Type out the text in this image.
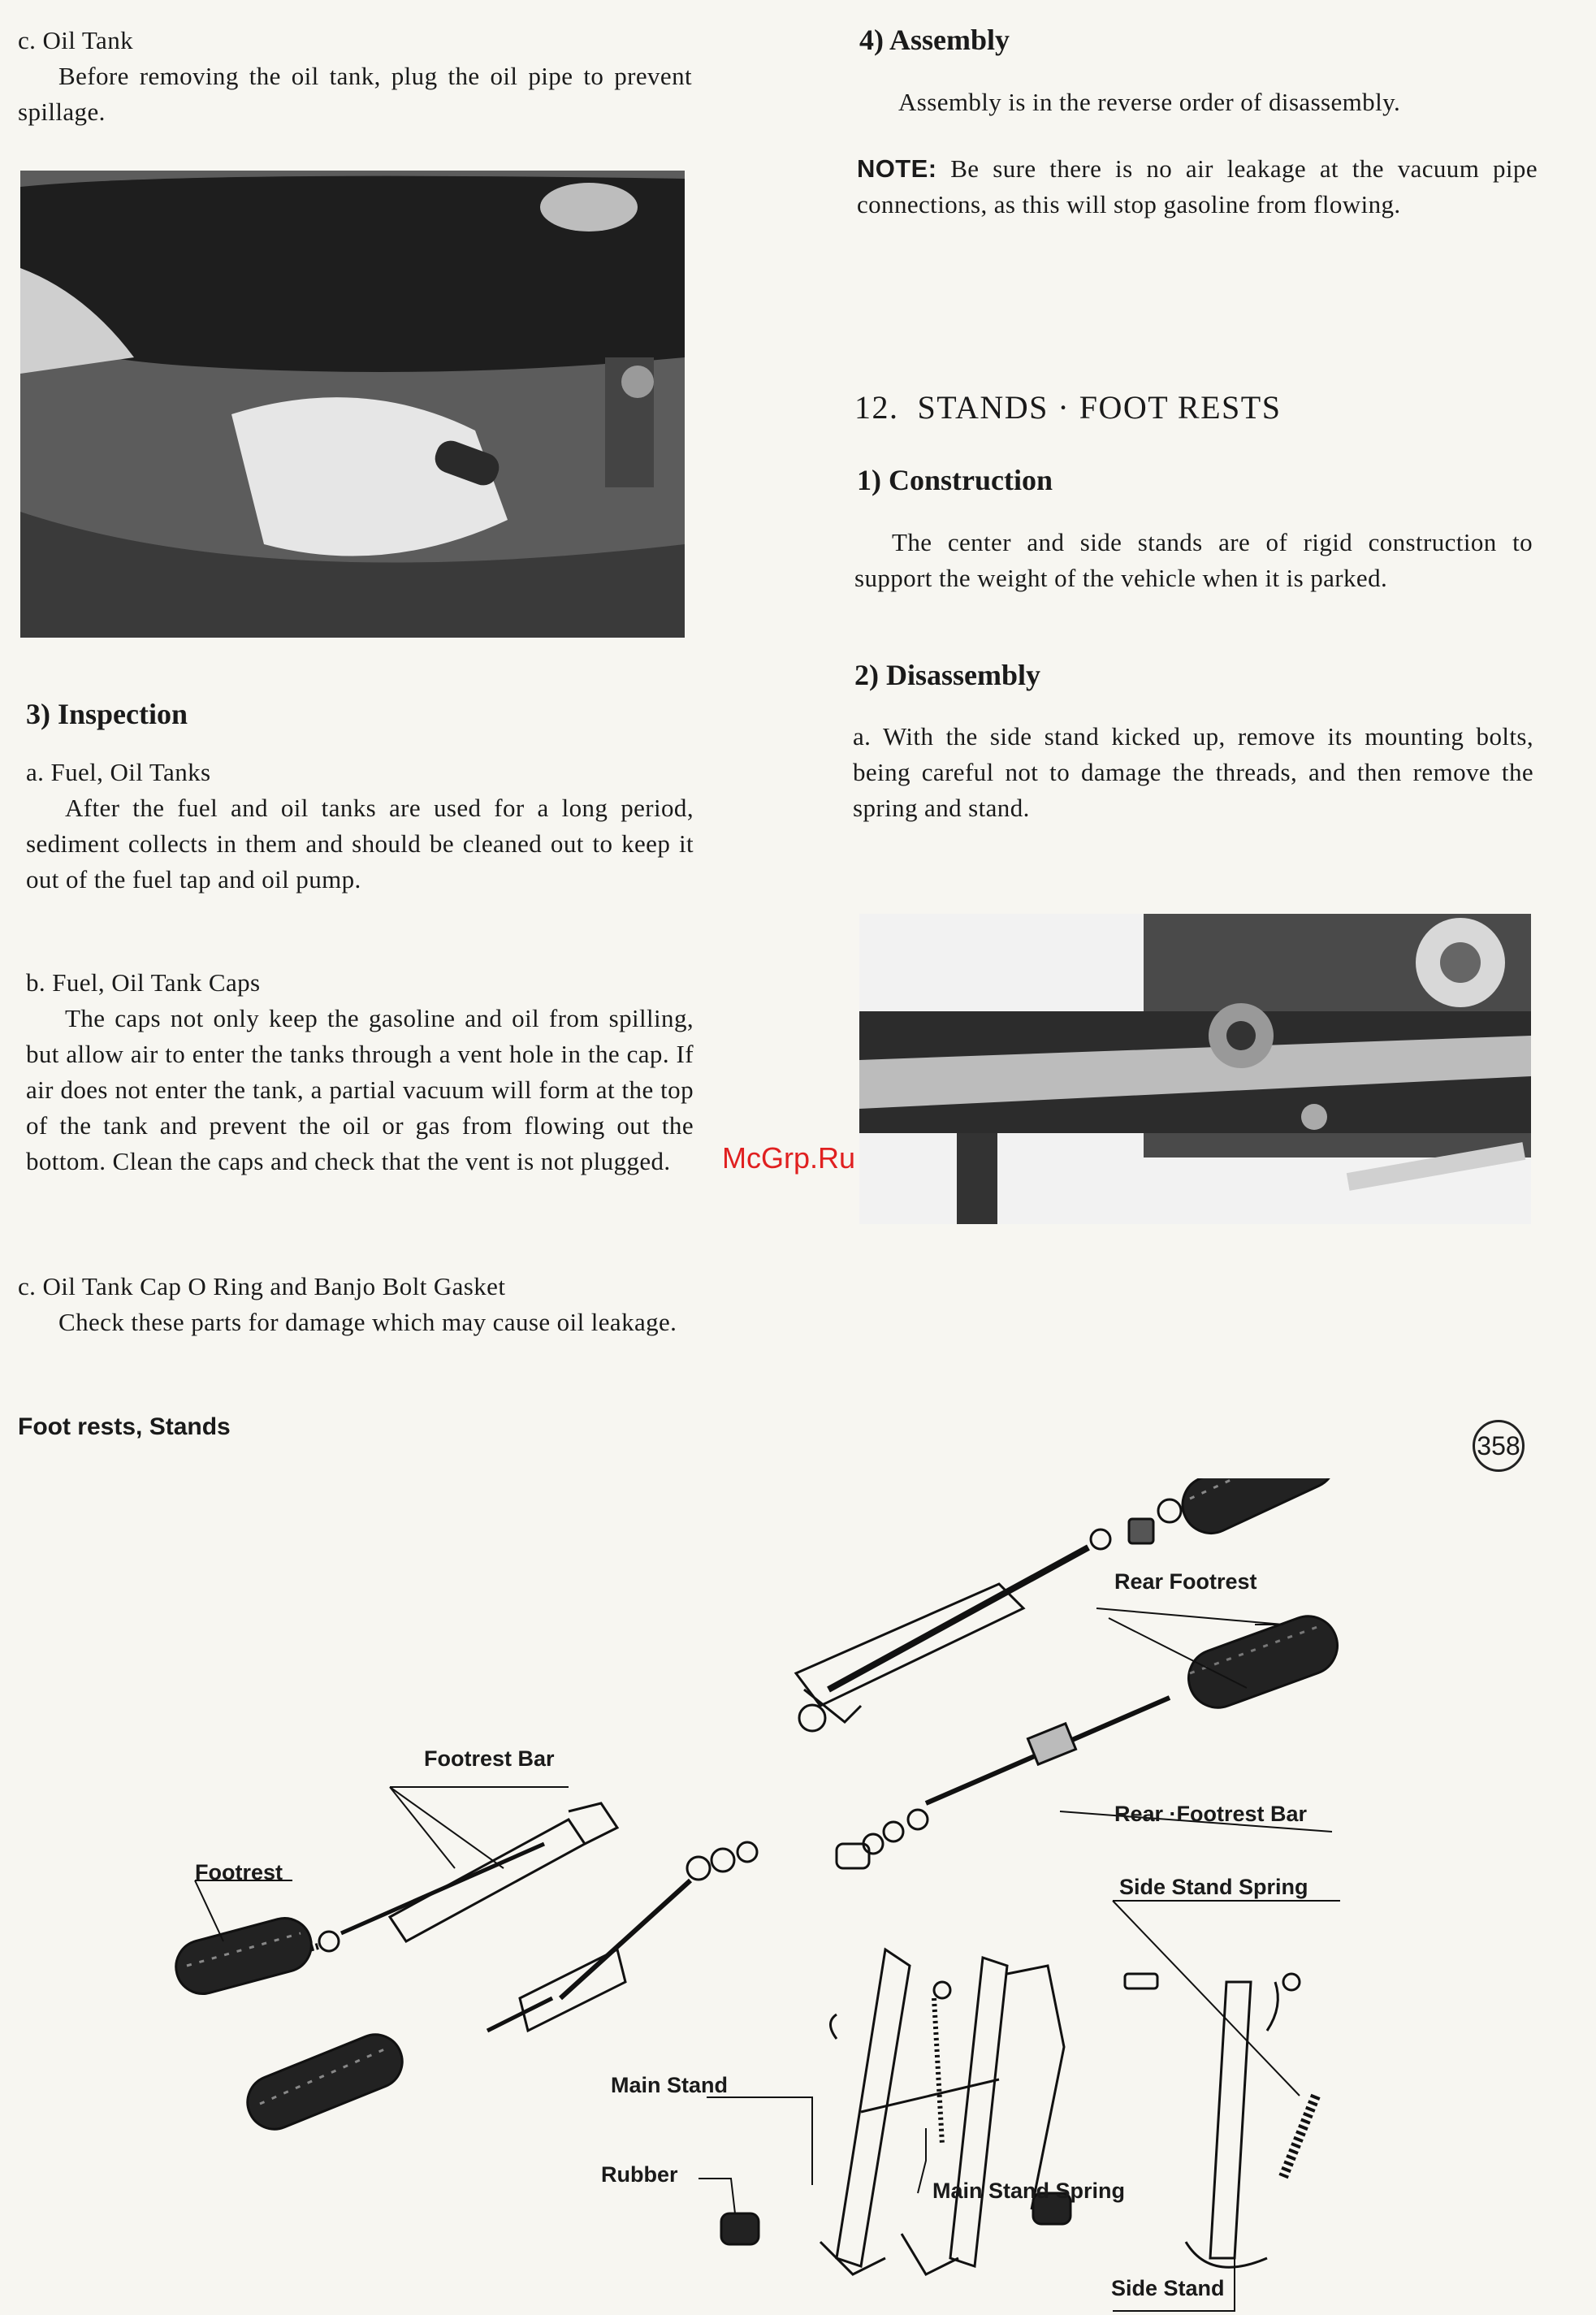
c. Oil Tank
Before removing the oil tank, plug the oil pipe to prevent spillage.
3) Inspection
a. Fuel, Oil Tanks
After the fuel and oil tanks are used for a long period, sediment collects in them and should be cleaned out to keep it out of the fuel tap and oil pump.
b. Fuel, Oil Tank Caps
The caps not only keep the gasoline and oil from spilling, but allow air to enter the tanks through a vent hole in the cap. If air does not enter the tank, a partial vacuum will form at the top of the tank and prevent the oil or gas from flowing out the bottom. Clean the caps and check that the vent is not plugged.
c. Oil Tank Cap O Ring and Banjo Bolt Gasket
Check these parts for damage which may cause oil leakage.
Foot rests, Stands
4) Assembly
Assembly is in the reverse order of disassembly.
NOTE: Be sure there is no air leakage at the vacuum pipe connections, as this will stop gasoline from flowing.
12.  STANDS · FOOT RESTS
1) Construction
The center and side stands are of rigid construction to support the weight of the vehicle when it is parked.
2) Disassembly
a. With the side stand kicked up, remove its mounting bolts, being careful not to damage the threads, and then remove the spring and stand.
358
McGrp.Ru
Rear Footrest
Rear ·Footrest Bar
Side Stand Spring
Footrest Bar
Footrest
Main Stand
Rubber
Main Stand Spring
Side Stand
